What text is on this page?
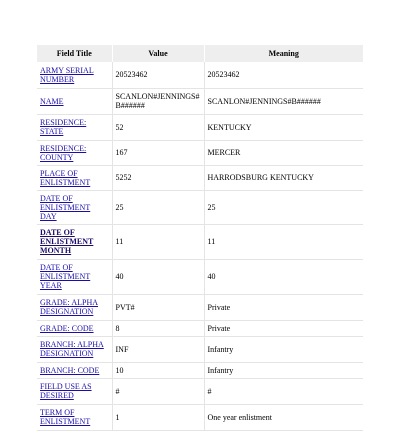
Field Title	Value	Meaning
ARMY SERIAL NUMBER	20523462	20523462
NAME	SCANLON#JENNINGS#B######	SCANLON#JENNINGS#B######
RESIDENCE: STATE	52	KENTUCKY
RESIDENCE: COUNTY	167	MERCER
PLACE OF ENLISTMENT	5252	HARRODSBURG KENTUCKY
DATE OF ENLISTMENT DAY	25	25
DATE OF ENLISTMENT MONTH	11	11
DATE OF ENLISTMENT YEAR	40	40
GRADE: ALPHA DESIGNATION	PVT#	Private
GRADE: CODE	8	Private
BRANCH: ALPHA DESIGNATION	INF	Infantry
BRANCH: CODE	10	Infantry
FIELD USE AS DESIRED	#	#
TERM OF ENLISTMENT	1	One year enlistment
